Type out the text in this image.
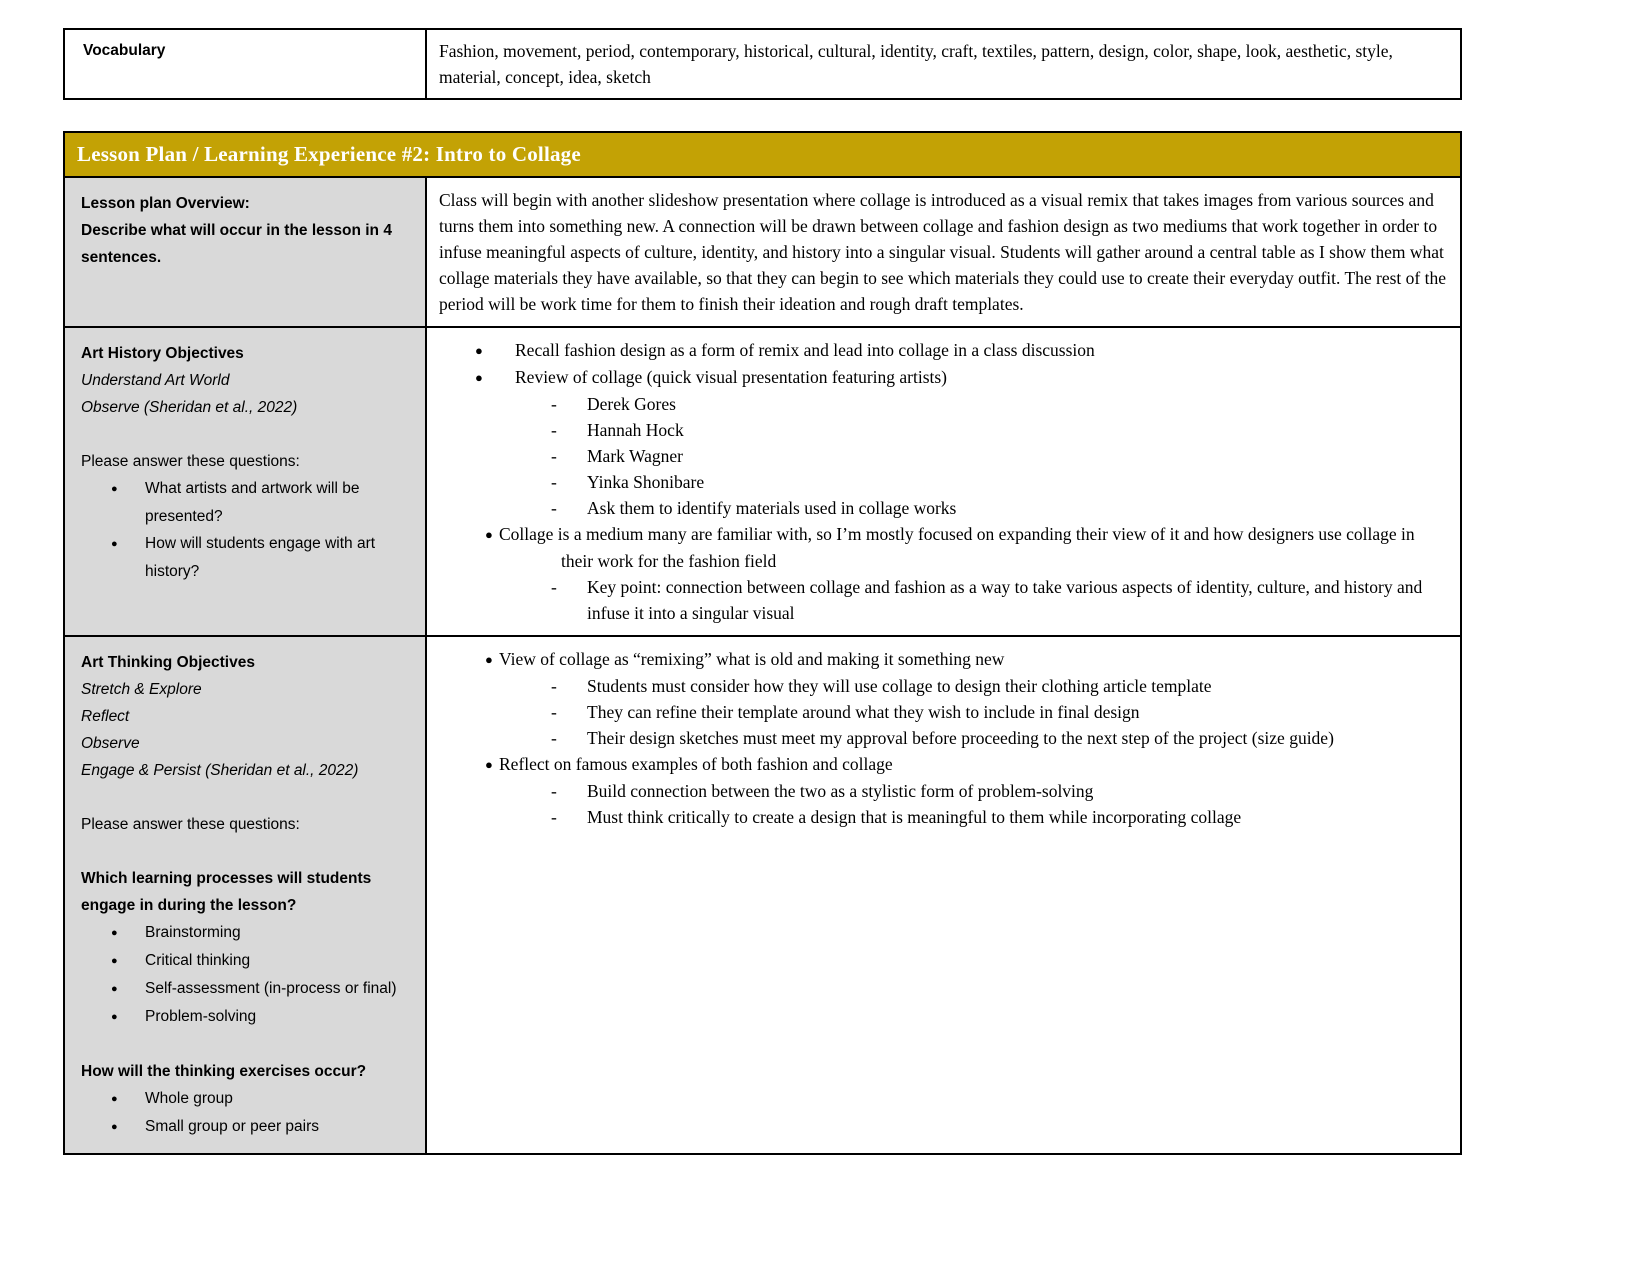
Vocabulary	Fashion, movement, period, contemporary, historical, cultural, identity, craft, textiles, pattern, design, color, shape, look, aesthetic, style, material, concept, idea, sketch
Lesson Plan / Learning Experience #2: Intro to Collage
Lesson plan Overview:
Describe what will occur in the lesson in 4 sentences.
Class will begin with another slideshow presentation where collage is introduced as a visual remix that takes images from various sources and turns them into something new. A connection will be drawn between collage and fashion design as two mediums that work together in order to infuse meaningful aspects of culture, identity, and history into a singular visual. Students will gather around a central table as I show them what collage materials they have available, so that they can begin to see which materials they could use to create their everyday outfit. The rest of the period will be work time for them to finish their ideation and rough draft templates.
Art History Objectives
Understand Art World
Observe (Sheridan et al., 2022)
Please answer these questions:
● What artists and artwork will be presented?
● How will students engage with art history?
● Recall fashion design as a form of remix and lead into collage in a class discussion
● Review of collage (quick visual presentation featuring artists)
- Derek Gores
- Hannah Hock
- Mark Wagner
- Yinka Shonibare
- Ask them to identify materials used in collage works
● Collage is a medium many are familiar with, so I’m mostly focused on expanding their view of it and how designers use collage in their work for the fashion field
- Key point: connection between collage and fashion as a way to take various aspects of identity, culture, and history and infuse it into a singular visual
Art Thinking Objectives
Stretch & Explore
Reflect
Observe
Engage & Persist (Sheridan et al., 2022)
Please answer these questions:
Which learning processes will students engage in during the lesson?
● Brainstorming
● Critical thinking
● Self-assessment (in-process or final)
● Problem-solving
How will the thinking exercises occur?
● Whole group
● Small group or peer pairs
● View of collage as “remixing” what is old and making it something new
- Students must consider how they will use collage to design their clothing article template
- They can refine their template around what they wish to include in final design
- Their design sketches must meet my approval before proceeding to the next step of the project (size guide)
● Reflect on famous examples of both fashion and collage
- Build connection between the two as a stylistic form of problem-solving
- Must think critically to create a design that is meaningful to them while incorporating collage
